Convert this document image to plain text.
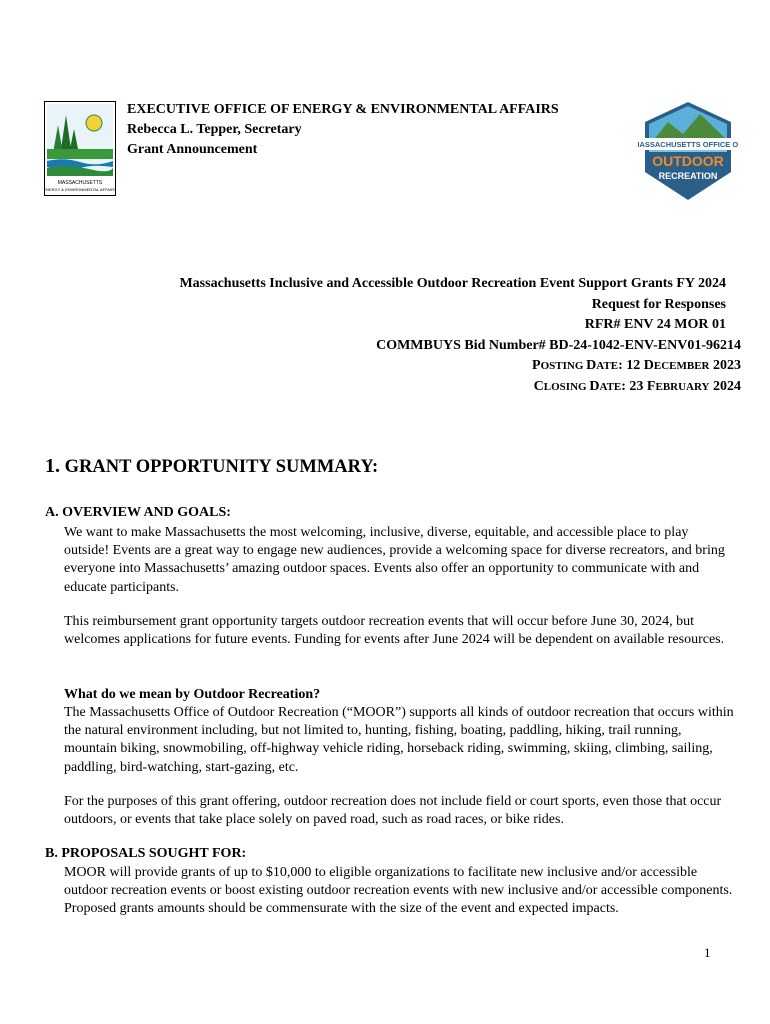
MASSACHUSETTS
ENERGY & ENVIRONMENTAL AFFAIRS
EXECUTIVE OFFICE OF ENERGY & ENVIRONMENTAL AFFAIRS
Rebecca L. Tepper, Secretary
Grant Announcement	MASSACHUSETTS OFFICE OF
OUTDOOR
RECREATION
Massachusetts Inclusive and Accessible Outdoor Recreation Event Support Grants FY 2024
Request for Responses
RFR# ENV 24 MOR 01
COMMBUYS Bid Number# BD-24-1042-ENV-ENV01-96214
POSTING DATE: 12 DECEMBER 2023
CLOSING DATE: 23 FEBRUARY 2024
1. GRANT OPPORTUNITY SUMMARY:
A. OVERVIEW AND GOALS:

We want to make Massachusetts the most welcoming, inclusive, diverse, equitable, and accessible place to play outside! Events are a great way to engage new audiences, provide a welcoming space for diverse recreators, and bring everyone into Massachusetts’ amazing outdoor spaces. Events also offer an opportunity to communicate with and educate participants.

This reimbursement grant opportunity targets outdoor recreation events that will occur before June 30, 2024, but welcomes applications for future events. Funding for events after June 2024 will be dependent on available resources.

What do we mean by Outdoor Recreation?

The Massachusetts Office of Outdoor Recreation (“MOOR”) supports all kinds of outdoor recreation that occurs within the natural environment including, but not limited to, hunting, fishing, boating, paddling, hiking, trail running, mountain biking, snowmobiling, off-highway vehicle riding, horseback riding, swimming, skiing, climbing, sailing, paddling, bird-watching, start-gazing, etc.

For the purposes of this grant offering, outdoor recreation does not include field or court sports, even those that occur outdoors, or events that take place solely on paved road, such as road races, or bike rides.

B. PROPOSALS SOUGHT FOR:

MOOR will provide grants of up to $10,000 to eligible organizations to facilitate new inclusive and/or accessible outdoor recreation events or boost existing outdoor recreation events with new inclusive and/or accessible components. Proposed grants amounts should be commensurate with the size of the event and expected impacts.

1
